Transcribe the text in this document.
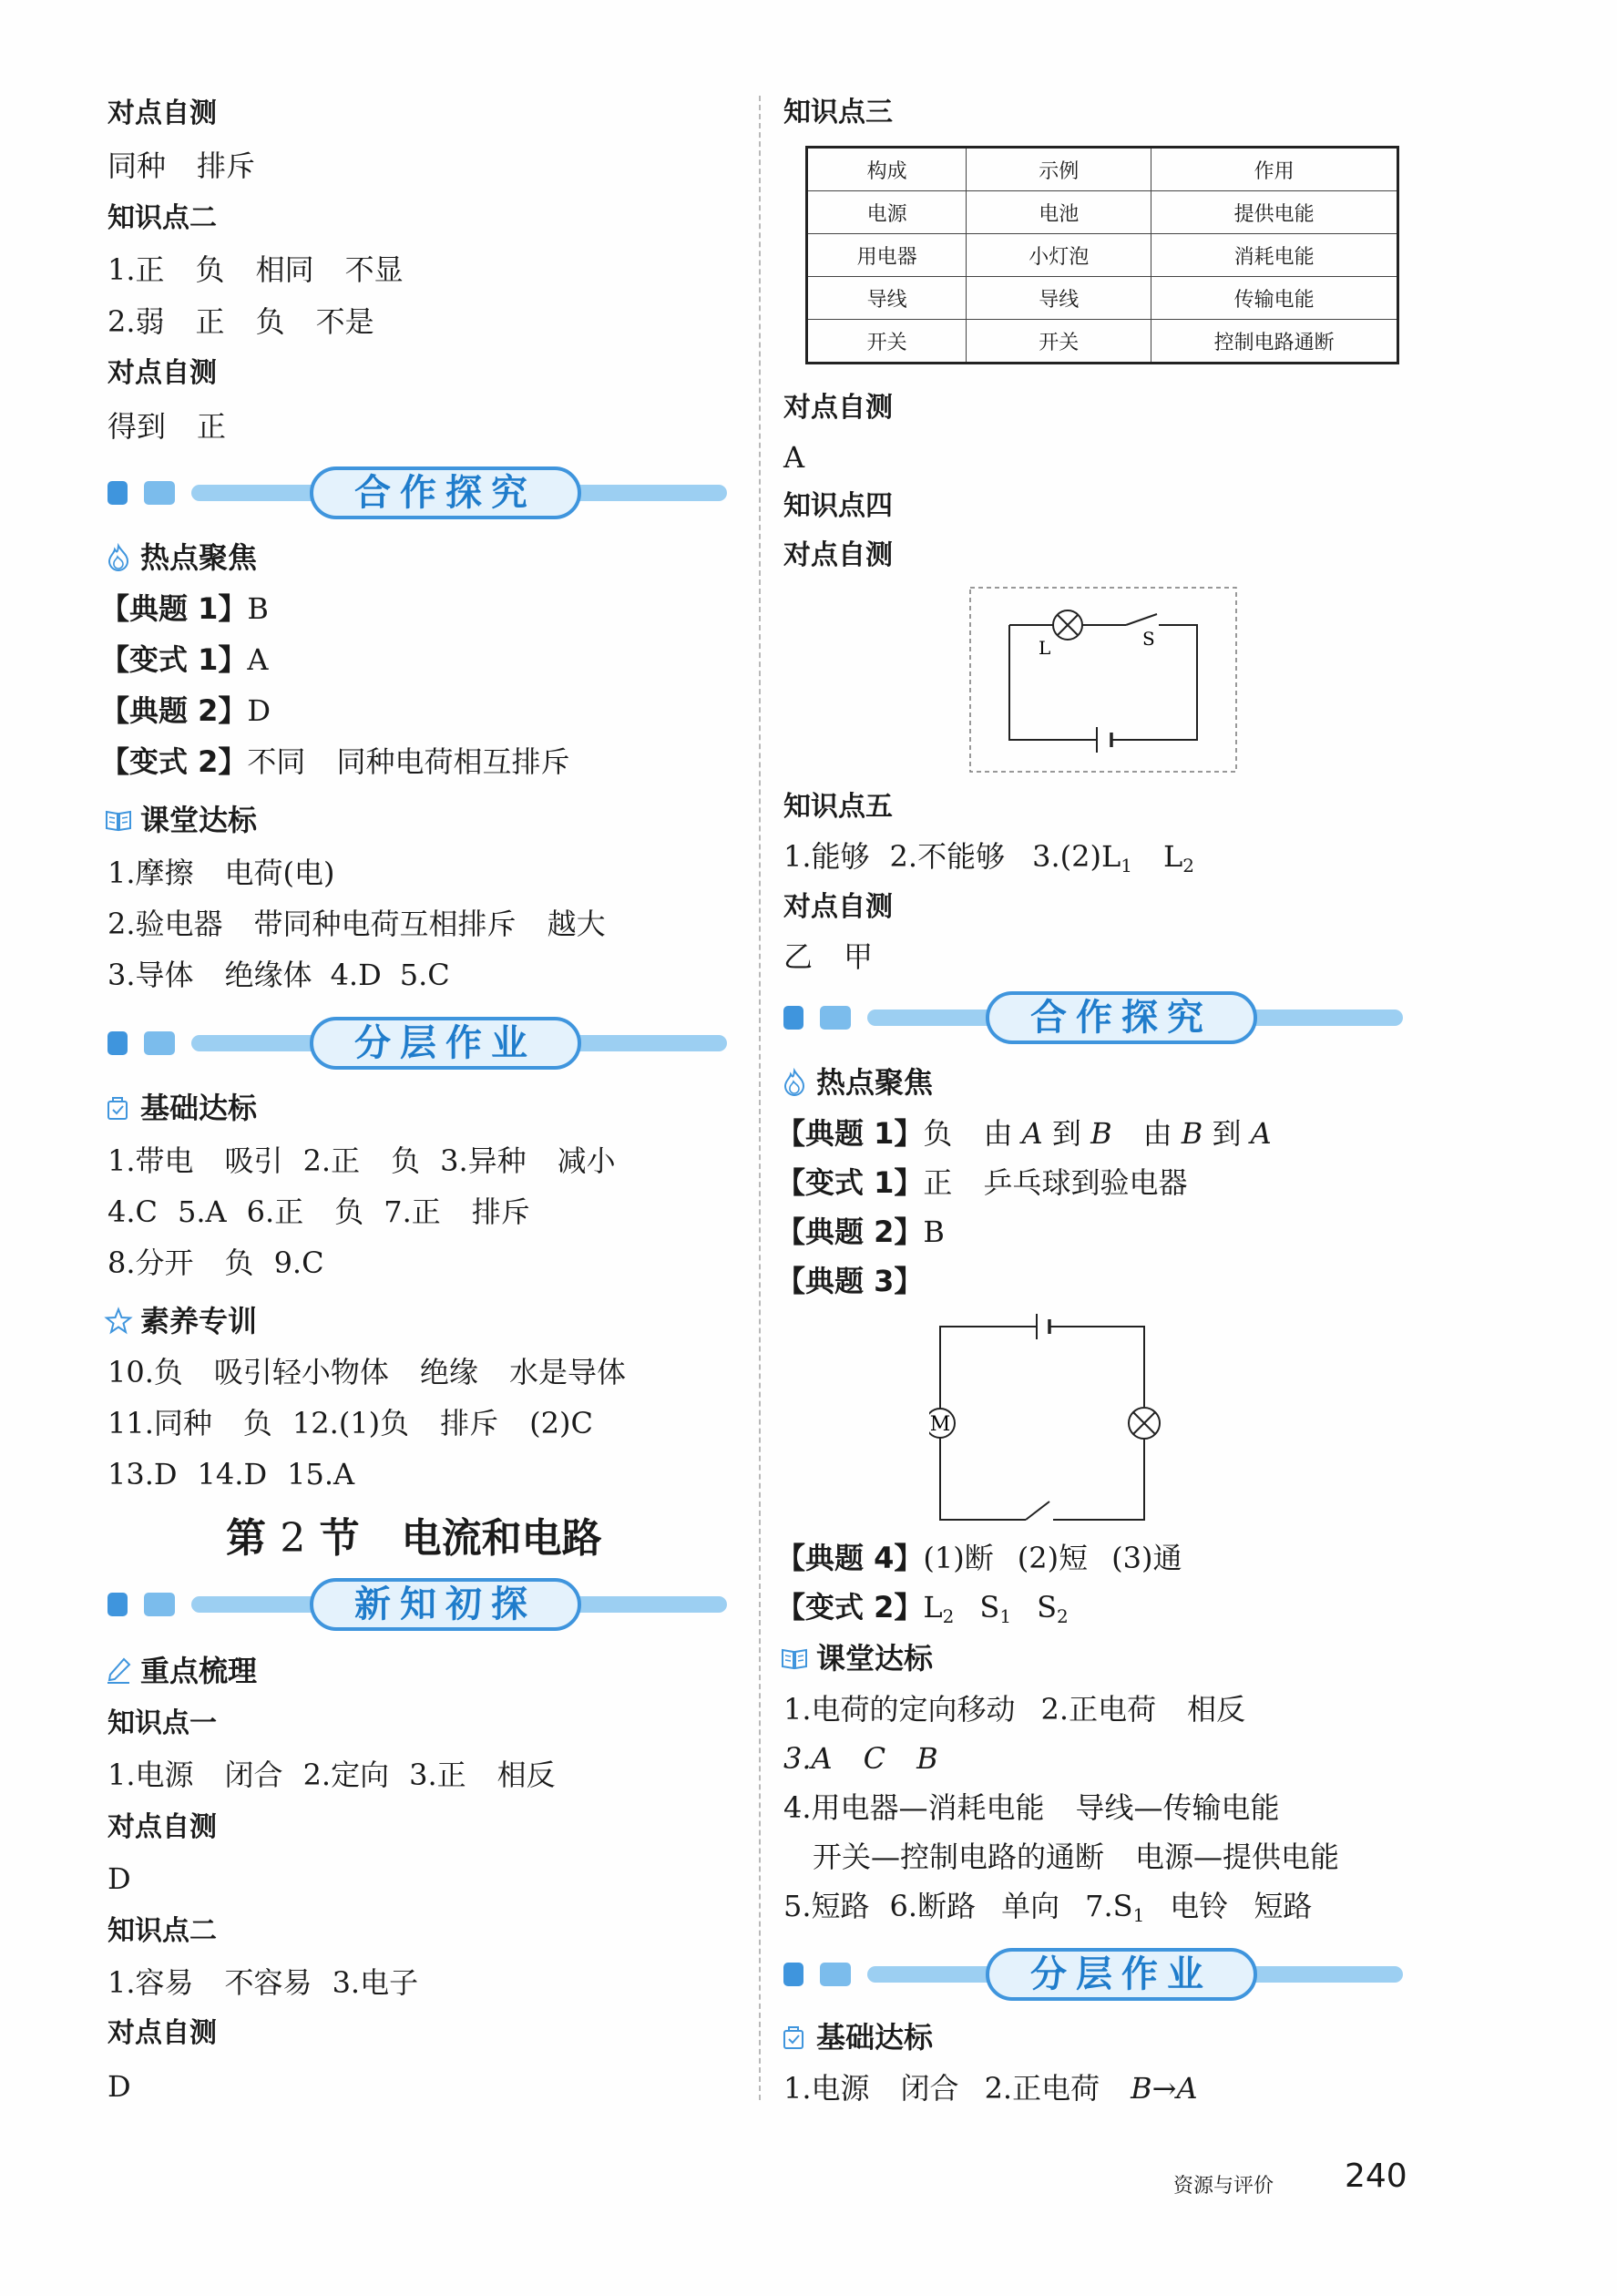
对点自测
同种 排斥
知识点二
1.正 负 相同 不显
2.弱 正 负 不是
对点自测
得到 正
合作探究
热点聚焦
【典题 1】B
【变式 1】A
【典题 2】D
【变式 2】不同 同种电荷相互排斥
课堂达标
1.摩擦 电荷(电)
2.验电器 带同种电荷互相排斥 越大
3.导体 绝缘体 4.D 5.C
分层作业
基础达标
1.带电 吸引 2.正 负 3.异种 减小
4.C 5.A 6.正 负 7.正 排斥
8.分开 负 9.C
素养专训
10.负 吸引轻小物体 绝缘 水是导体
11.同种 负 12.(1)负 排斥 (2)C
13.D 14.D 15.A
第 2 节 电流和电路
新知初探
重点梳理
知识点一
1.电源 闭合 2.定向 3.正 相反
对点自测
D
知识点二
1.容易 不容易 3.电子
对点自测
D
知识点三
构成	示例	作用
电源	电池	提供电能
用电器	小灯泡	消耗电能
导线	导线	传输电能
开关	开关	控制电路通断
对点自测
A
知识点四
对点自测
L	S
知识点五
1.能够 2.不能够 $3.(2)L_1$ $L_2$
对点自测
乙 甲
合作探究
热点聚焦
【典题 1】负 由 A 到 B 由 B 到 A
【变式 1】正 乒乓球到验电器
【典题 2】B
【典题 3】
M
【典题 4】(1)断 (2)短 (3)通
【变式 2】$L_2$ $S_1$ $S_2$
课堂达标
1.电荷的定向移动 2.正电荷 相反
3.A C B
4.用电器—消耗电能 导线—传输电能
开关—控制电路的通断 电源—提供电能
5.短路 6.断路 单向 $7.S_1$ 电铃 短路
分层作业
基础达标
1.电源 闭合 2.正电荷 B→A
资源与评价	240
